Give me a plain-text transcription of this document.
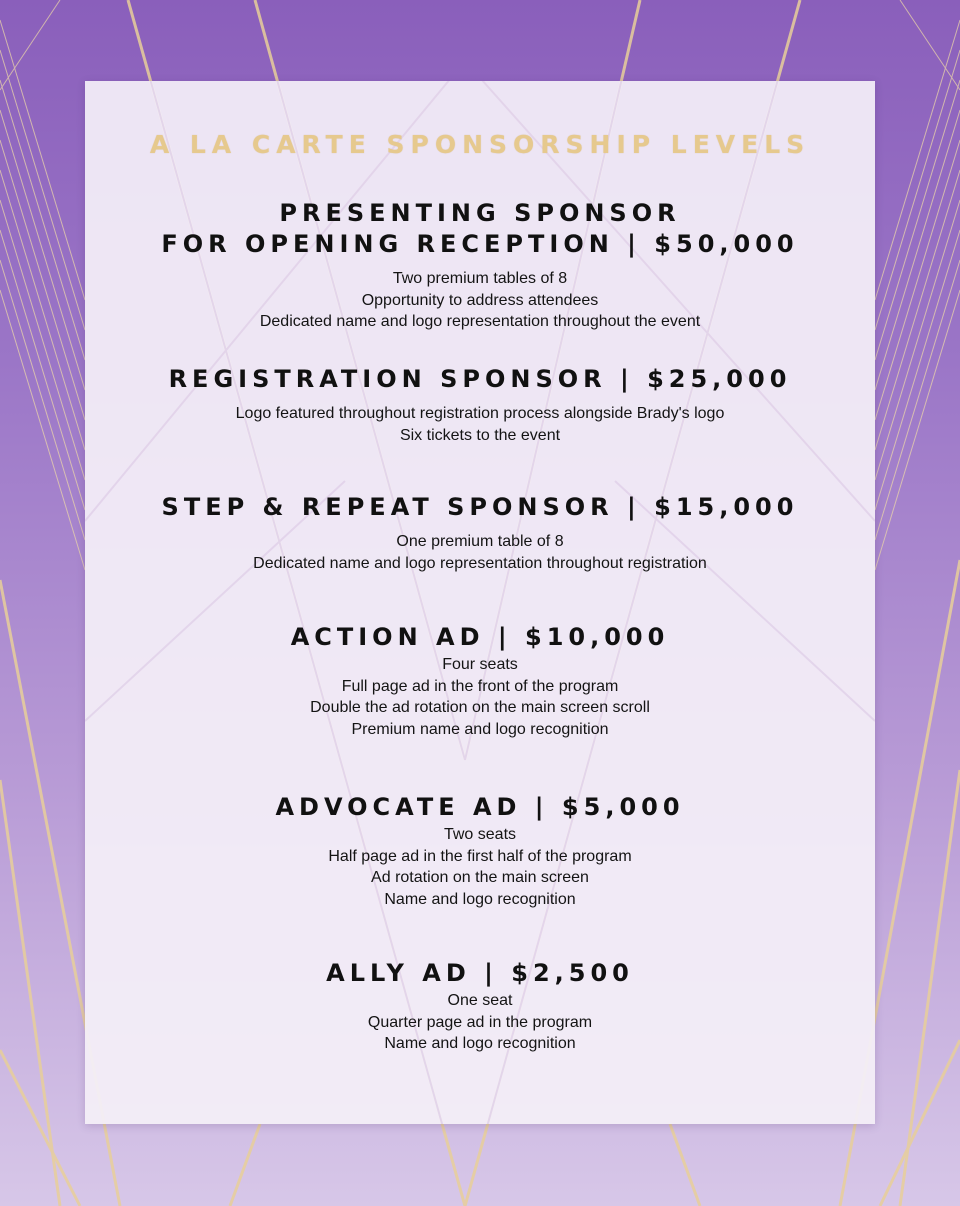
A LA CARTE SPONSORSHIP LEVELS
PRESENTING SPONSOR
FOR OPENING RECEPTION | $50,000
Two premium tables of 8
Opportunity to address attendees
Dedicated name and logo representation throughout the event
REGISTRATION SPONSOR | $25,000
Logo featured throughout registration process alongside Brady's logo
Six tickets to the event
STEP & REPEAT SPONSOR | $15,000
One premium table of 8
Dedicated name and logo representation throughout registration
ACTION AD | $10,000
Four seats
Full page ad in the front of the program
Double the ad rotation on the main screen scroll
Premium name and logo recognition
ADVOCATE AD | $5,000
Two seats
Half page ad in the first half of the program
Ad rotation on the main screen
Name and logo recognition
ALLY AD | $2,500
One seat
Quarter page ad in the program
Name and logo recognition
